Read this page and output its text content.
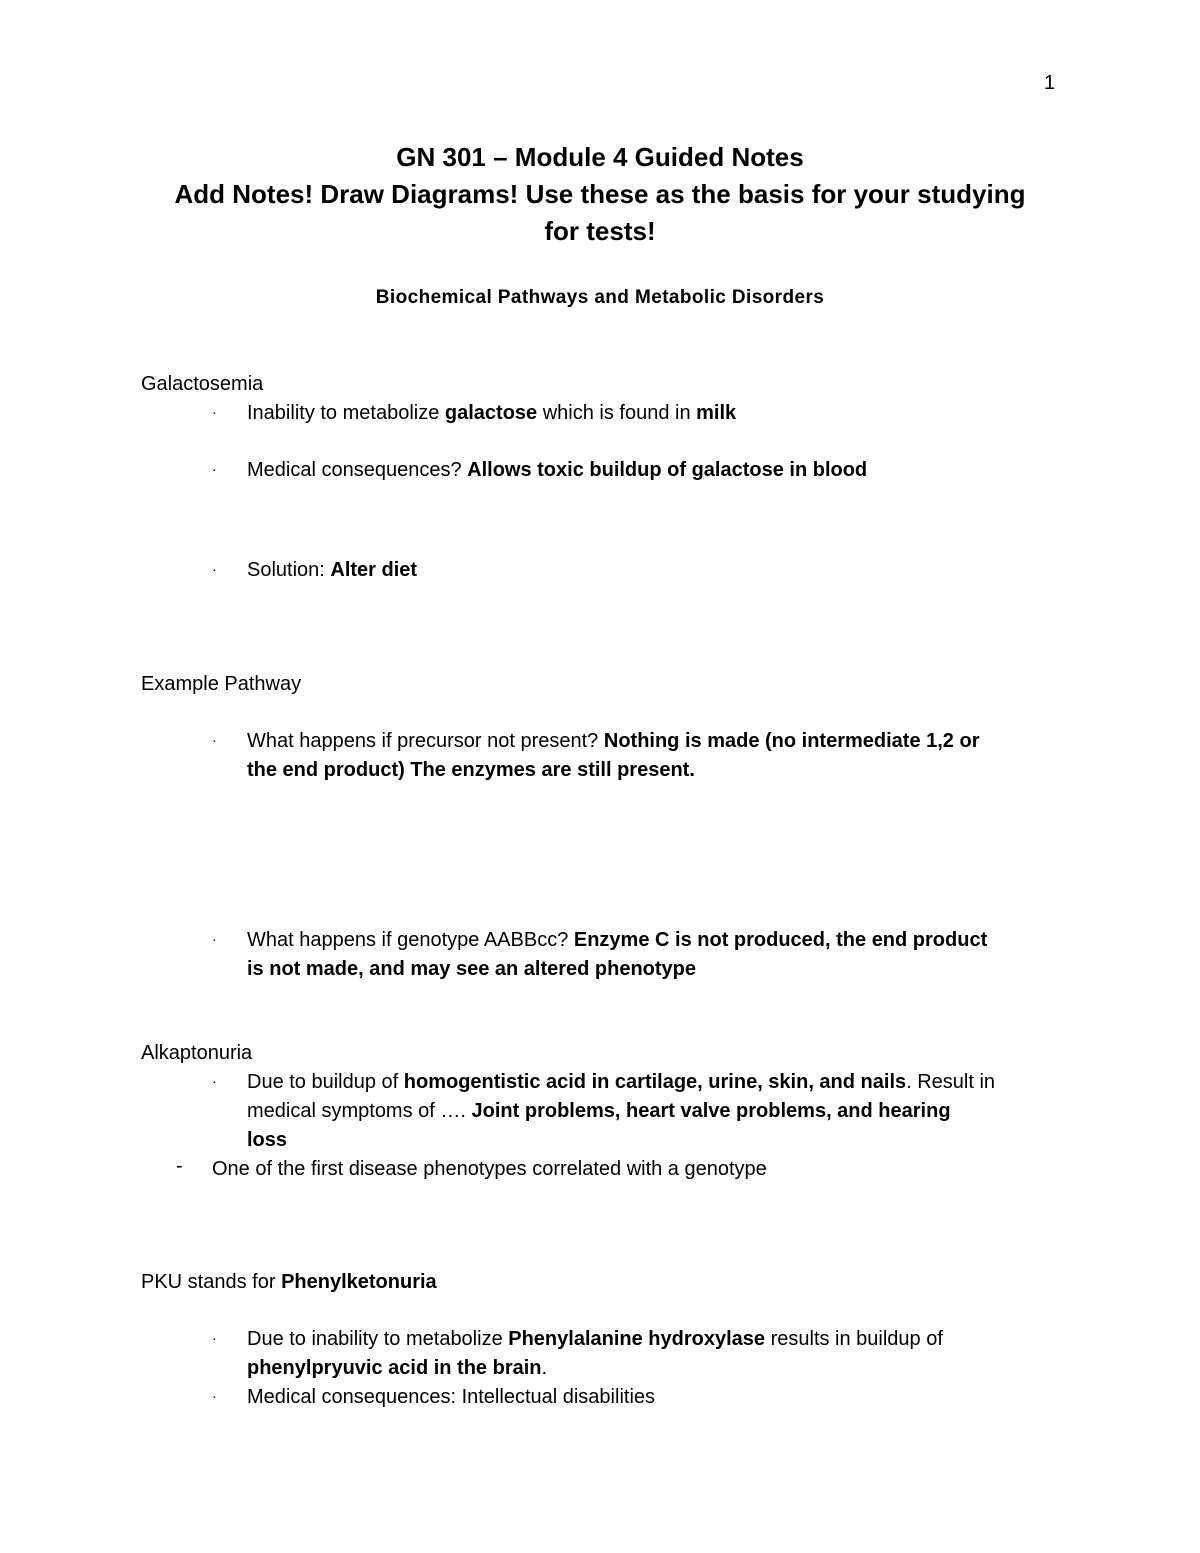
1
GN 301 – Module 4 Guided Notes
Add Notes! Draw Diagrams! Use these as the basis for your studying
for tests!
Biochemical Pathways and Metabolic Disorders
Galactosemia
· Inability to metabolize galactose which is found in milk
· Medical consequences? Allows toxic buildup of galactose in blood
· Solution: Alter diet
Example Pathway
· What happens if precursor not present? Nothing is made (no intermediate 1,2 or
the end product) The enzymes are still present.
· What happens if genotype AABBcc? Enzyme C is not produced, the end product
is not made, and may see an altered phenotype
Alkaptonuria
· Due to buildup of homogentistic acid in cartilage, urine, skin, and nails. Result in
medical symptoms of …. Joint problems, heart valve problems, and hearing
loss
- One of the first disease phenotypes correlated with a genotype
PKU stands for Phenylketonuria
· Due to inability to metabolize Phenylalanine hydroxylase results in buildup of
phenylpryuvic acid in the brain.
· Medical consequences: Intellectual disabilities
